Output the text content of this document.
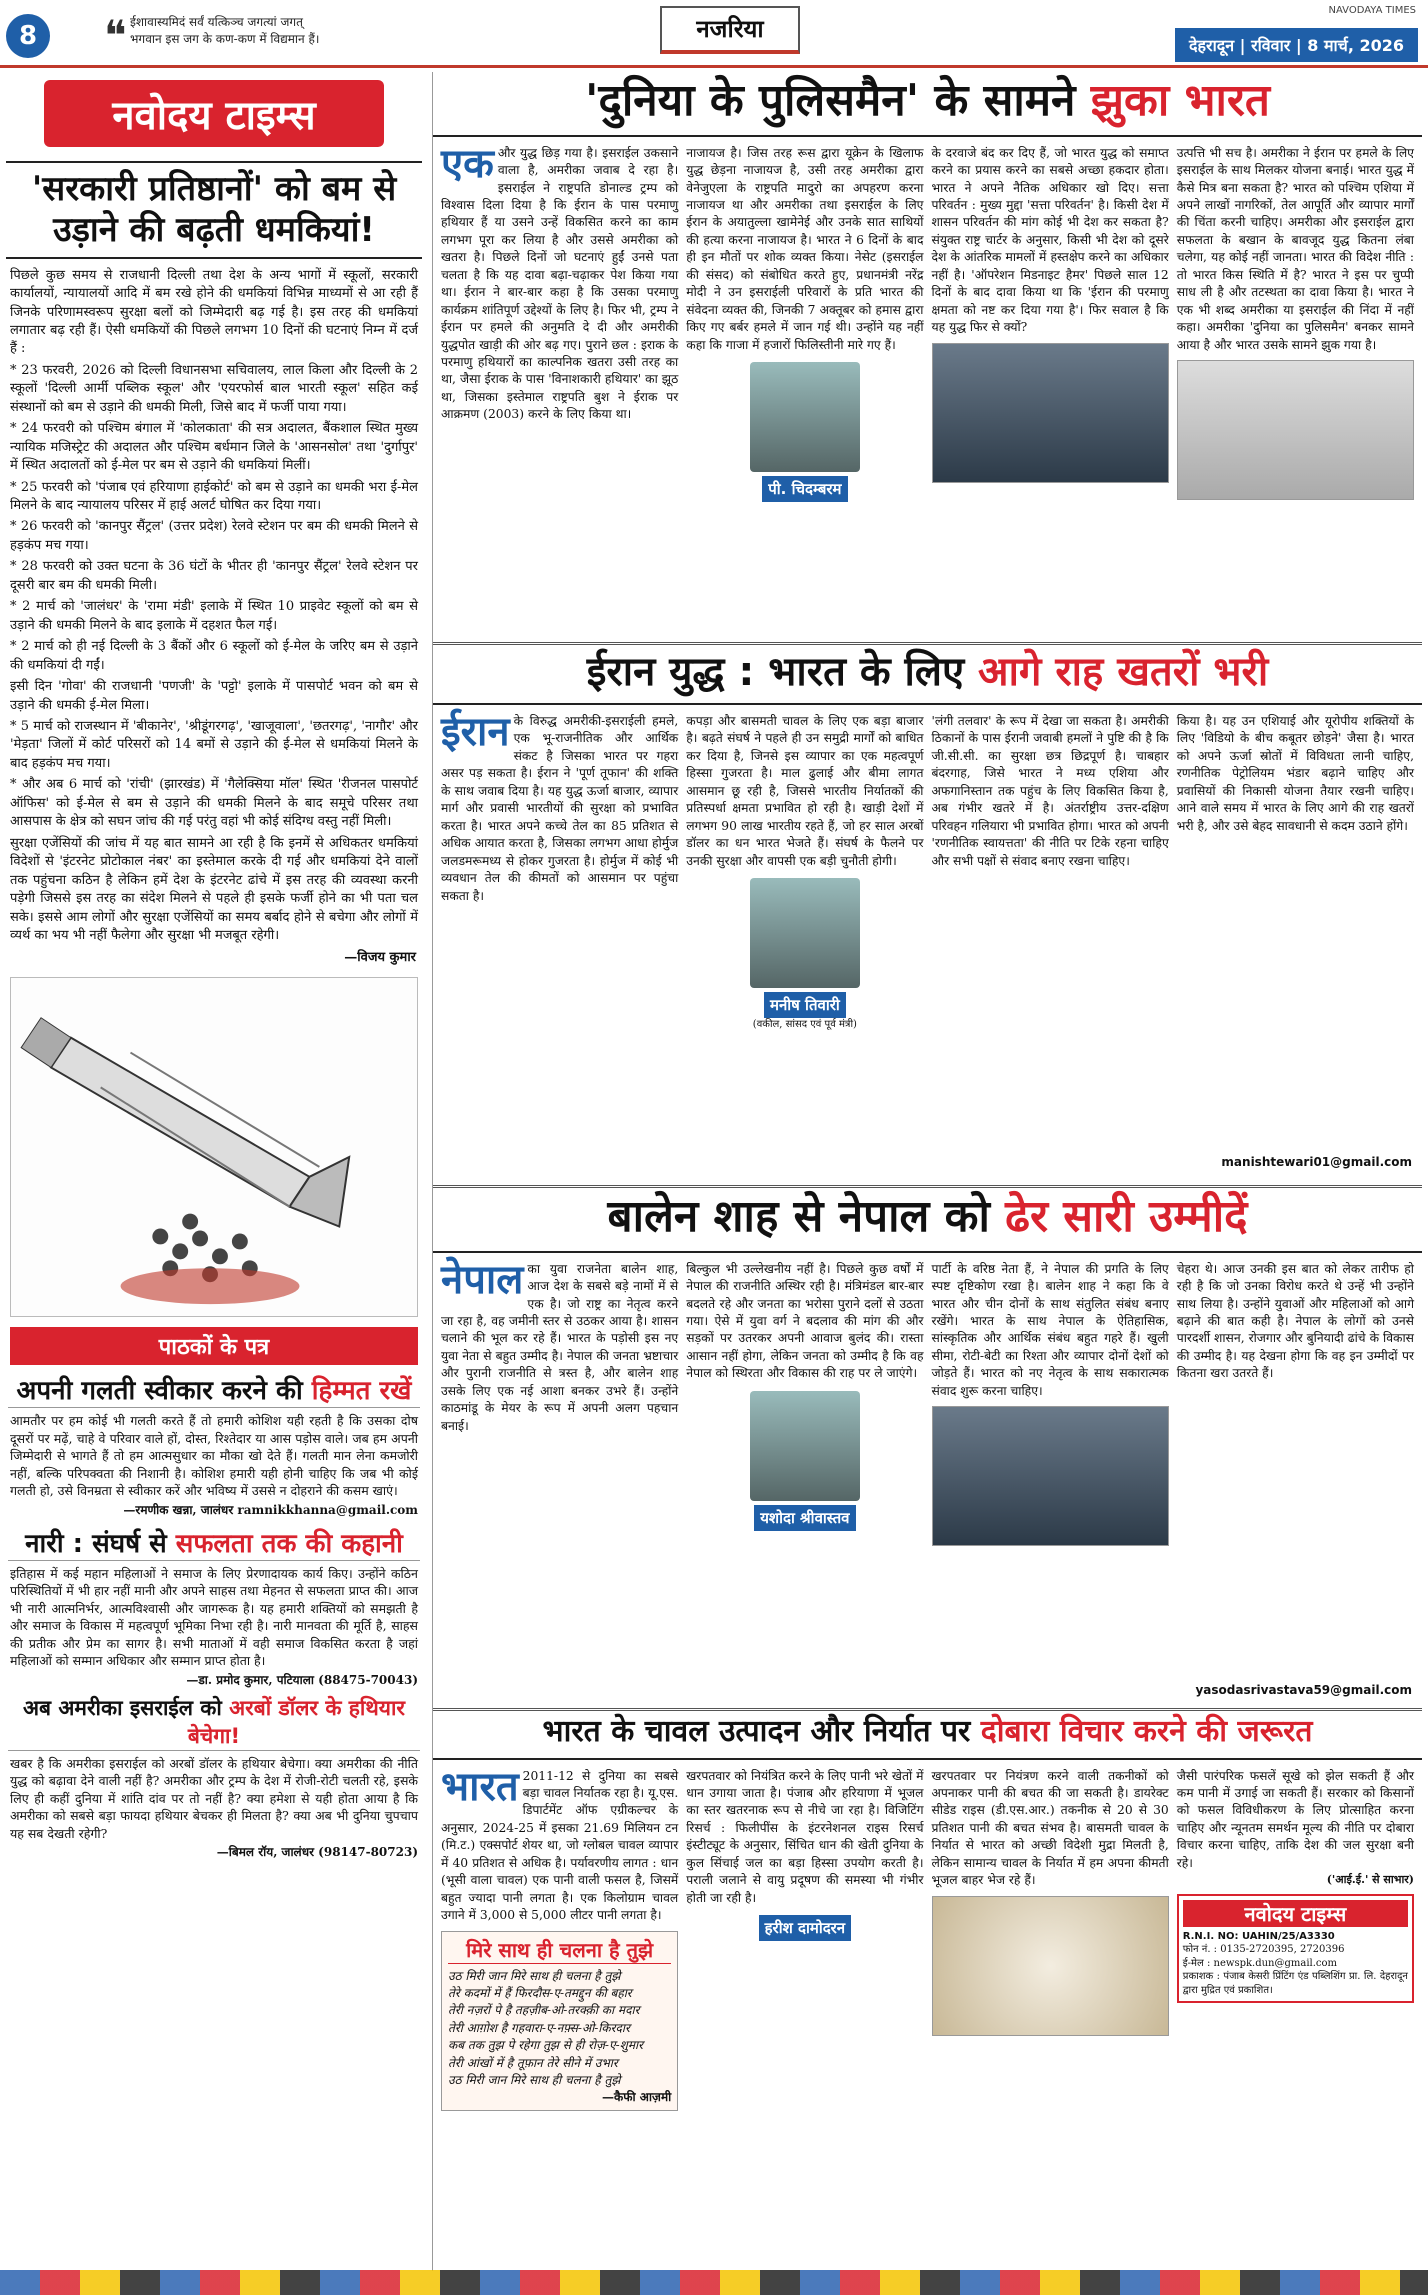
8	❝ ईशावास्यमिदं सर्वं यत्किञ्च जगत्यां जगत्
भगवान इस जग के कण-कण में विद्यमान हैं।	नजरिया
NAVODAYA TIMES
देहरादून | रविवार | 8 मार्च, 2026
नवोदय टाइम्स
'सरकारी प्रतिष्ठानों' को बम से उड़ाने की बढ़ती धमकियां!

पिछले कुछ समय से राजधानी दिल्ली तथा देश के अन्य भागों में स्कूलों, सरकारी कार्यालयों, न्यायालयों आदि में बम रखे होने की धमकियां विभिन्न माध्यमों से आ रही हैं जिनके परिणामस्वरूप सुरक्षा बलों को जिम्मेदारी बढ़ गई है। इस तरह की धमकियां लगातार बढ़ रही हैं। ऐसी धमकियों की पिछले लगभग 10 दिनों की घटनाएं निम्न में दर्ज हैं :

* 23 फरवरी, 2026 को दिल्ली विधानसभा सचिवालय, लाल किला और दिल्ली के 2 स्कूलों 'दिल्ली आर्मी पब्लिक स्कूल' और 'एयरफोर्स बाल भारती स्कूल' सहित कई संस्थानों को बम से उड़ाने की धमकी मिली, जिसे बाद में फर्जी पाया गया।

* 24 फरवरी को पश्चिम बंगाल में 'कोलकाता' की सत्र अदालत, बैंकशाल स्थित मुख्य न्यायिक मजिस्ट्रेट की अदालत और पश्चिम बर्धमान जिले के 'आसनसोल' तथा 'दुर्गापुर' में स्थित अदालतों को ई-मेल पर बम से उड़ाने की धमकियां मिलीं।

* 25 फरवरी को 'पंजाब एवं हरियाणा हाईकोर्ट' को बम से उड़ाने का धमकी भरा ई-मेल मिलने के बाद न्यायालय परिसर में हाई अलर्ट घोषित कर दिया गया।

* 26 फरवरी को 'कानपुर सैंट्रल' (उत्तर प्रदेश) रेलवे स्टेशन पर बम की धमकी मिलने से हड़कंप मच गया।

* 28 फरवरी को उक्त घटना के 36 घंटों के भीतर ही 'कानपुर सैंट्रल' रेलवे स्टेशन पर दूसरी बार बम की धमकी मिली।

* 2 मार्च को 'जालंधर' के 'रामा मंडी' इलाके में स्थित 10 प्राइवेट स्कूलों को बम से उड़ाने की धमकी मिलने के बाद इलाके में दहशत फैल गई।

* 2 मार्च को ही नई दिल्ली के 3 बैंकों और 6 स्कूलों को ई-मेल के जरिए बम से उड़ाने की धमकियां दी गईं।

इसी दिन 'गोवा' की राजधानी 'पणजी' के 'पट्टो' इलाके में पासपोर्ट भवन को बम से उड़ाने की धमकी ई-मेल मिला।

* 5 मार्च को राजस्थान में 'बीकानेर', 'श्रीडूंगरगढ़', 'खाजूवाला', 'छतरगढ़', 'नागौर' और 'मेड़ता' जिलों में कोर्ट परिसरों को 14 बमों से उड़ाने की ई-मेल से धमकियां मिलने के बाद हड़कंप मच गया।

* और अब 6 मार्च को 'रांची' (झारखंड) में 'गैलेक्सिया मॉल' स्थित 'रीजनल पासपोर्ट ऑफिस' को ई-मेल से बम से उड़ाने की धमकी मिलने के बाद समूचे परिसर तथा आसपास के क्षेत्र को सघन जांच की गई परंतु वहां भी कोई संदिग्ध वस्तु नहीं मिली।

सुरक्षा एजेंसियों की जांच में यह बात सामने आ रही है कि इनमें से अधिकतर धमकियां विदेशों से 'इंटरनेट प्रोटोकाल नंबर' का इस्तेमाल करके दी गई और धमकियां देने वालों तक पहुंचना कठिन है लेकिन हमें देश के इंटरनेट ढांचे में इस तरह की व्यवस्था करनी पड़ेगी जिससे इस तरह का संदेश मिलने से पहले ही इसके फर्जी होने का भी पता चल सके। इससे आम लोगों और सुरक्षा एजेंसियों का समय बर्बाद होने से बचेगा और लोगों में व्यर्थ का भय भी नहीं फैलेगा और सुरक्षा भी मजबूत रहेगी।

—विजय कुमार
पाठकों के पत्र
अपनी गलती स्वीकार करने की हिम्मत रखें
आमतौर पर हम कोई भी गलती करते हैं तो हमारी कोशिश यही रहती है कि उसका दोष दूसरों पर मढ़ें, चाहे वे परिवार वाले हों, दोस्त, रिश्तेदार या आस पड़ोस वाले। जब हम अपनी जिम्मेदारी से भागते हैं तो हम आत्मसुधार का मौका खो देते हैं। गलती मान लेना कमजोरी नहीं, बल्कि परिपक्वता की निशानी है। कोशिश हमारी यही होनी चाहिए कि जब भी कोई गलती हो, उसे विनम्रता से स्वीकार करें और भविष्य में उससे न दोहराने की कसम खाएं।
—रमणीक खन्ना, जालंधर ramnikkhanna@gmail.com
नारी : संघर्ष से सफलता तक की कहानी
इतिहास में कई महान महिलाओं ने समाज के लिए प्रेरणादायक कार्य किए। उन्होंने कठिन परिस्थितियों में भी हार नहीं मानी और अपने साहस तथा मेहनत से सफलता प्राप्त की। आज भी नारी आत्मनिर्भर, आत्मविश्वासी और जागरूक है। यह हमारी शक्तियों को समझती है और समाज के विकास में महत्वपूर्ण भूमिका निभा रही है। नारी मानवता की मूर्ति है, साहस की प्रतीक और प्रेम का सागर है। सभी माताओं में वही समाज विकसित करता है जहां महिलाओं को सम्मान अधिकार और सम्मान प्राप्त होता है।
—डा. प्रमोद कुमार, पटियाला (88475-70043)
अब अमरीका इसराईल को अरबों डॉलर के हथियार बेचेगा!
खबर है कि अमरीका इसराईल को अरबों डॉलर के हथियार बेचेगा। क्या अमरीका की नीति युद्ध को बढ़ावा देने वाली नहीं है? अमरीका और ट्रम्प के देश में रोजी-रोटी चलती रहे, इसके लिए ही कहीं दुनिया में शांति दांव पर तो नहीं है? क्या हमेशा से यही होता आया है कि अमरीका को सबसे बड़ा फायदा हथियार बेचकर ही मिलता है? क्या अब भी दुनिया चुपचाप यह सब देखती रहेगी?
—बिमल रॉय, जालंधर (98147-80723)
'दुनिया के पुलिसमैन' के सामने झुका भारत
एक और युद्ध छिड़ गया है। इसराईल उकसाने वाला है, अमरीका जवाब दे रहा है। इसराईल ने राष्ट्रपति डोनाल्ड ट्रम्प को विश्वास दिला दिया है कि ईरान के पास परमाणु हथियार हैं या उसने उन्हें विकसित करने का काम लगभग पूरा कर लिया है और उससे अमरीका को खतरा है। पिछले दिनों जो घटनाएं हुईं उनसे पता चलता है कि यह दावा बढ़ा-चढ़ाकर पेश किया गया था। ईरान ने बार-बार कहा है कि उसका परमाणु कार्यक्रम शांतिपूर्ण उद्देश्यों के लिए है। फिर भी, ट्रम्प ने ईरान पर हमले की अनुमति दे दी और अमरीकी युद्धपोत खाड़ी की ओर बढ़ गए। पुराने छल : इराक के परमाणु हथियारों का काल्पनिक खतरा उसी तरह का था, जैसा ईराक के पास 'विनाशकारी हथियार' का झूठ था, जिसका इस्तेमाल राष्ट्रपति बुश ने ईराक पर आक्रमण (2003) करने के लिए किया था।
नाजायज है। जिस तरह रूस द्वारा यूक्रेन के खिलाफ युद्ध छेड़ना नाजायज है, उसी तरह अमरीका द्वारा वेनेजुएला के राष्ट्रपति मादुरो का अपहरण करना नाजायज था और अमरीका तथा इसराईल के लिए ईरान के अयातुल्ला खामेनेई और उनके सात साथियों की हत्या करना नाजायज है। भारत ने 6 दिनों के बाद ही इन मौतों पर शोक व्यक्त किया। नेसेट (इसराईल की संसद) को संबोधित करते हुए, प्रधानमंत्री नरेंद्र मोदी ने उन इसराईली परिवारों के प्रति भारत की संवेदना व्यक्त की, जिनकी 7 अक्तूबर को हमास द्वारा किए गए बर्बर हमले में जान गई थी। उन्होंने यह नहीं कहा कि गाजा में हजारों फिलिस्तीनी मारे गए हैं।
पी. चिदम्बरम
के दरवाजे बंद कर दिए हैं, जो भारत युद्ध को समाप्त करने का प्रयास करने का सबसे अच्छा हकदार होता। भारत ने अपने नैतिक अधिकार खो दिए। सत्ता परिवर्तन : मुख्य मुद्दा 'सत्ता परिवर्तन' है। किसी देश में शासन परिवर्तन की मांग कोई भी देश कर सकता है? संयुक्त राष्ट्र चार्टर के अनुसार, किसी भी देश को दूसरे देश के आंतरिक मामलों में हस्तक्षेप करने का अधिकार नहीं है। 'ऑपरेशन मिडनाइट हैमर' पिछले साल 12 दिनों के बाद दावा किया था कि 'ईरान की परमाणु क्षमता को नष्ट कर दिया गया है'। फिर सवाल है कि यह युद्ध फिर से क्यों?
उत्पत्ति भी सच है। अमरीका ने ईरान पर हमले के लिए इसराईल के साथ मिलकर योजना बनाई। भारत युद्ध में कैसे मित्र बना सकता है? भारत को पश्चिम एशिया में अपने लाखों नागरिकों, तेल आपूर्ति और व्यापार मार्गों की चिंता करनी चाहिए। अमरीका और इसराईल द्वारा सफलता के बखान के बावजूद युद्ध कितना लंबा चलेगा, यह कोई नहीं जानता। भारत की विदेश नीति : तो भारत किस स्थिति में है? भारत ने इस पर चुप्पी साध ली है और तटस्थता का दावा किया है। भारत ने एक भी शब्द अमरीका या इसराईल की निंदा में नहीं कहा। अमरीका 'दुनिया का पुलिसमैन' बनकर सामने आया है और भारत उसके सामने झुक गया है।
ईरान युद्ध : भारत के लिए आगे राह खतरों भरी
ईरान के विरुद्ध अमरीकी-इसराईली हमले, एक भू-राजनीतिक और आर्थिक संकट है जिसका भारत पर गहरा असर पड़ सकता है। ईरान ने 'पूर्ण तूफान' की शक्ति के साथ जवाब दिया है। यह युद्ध ऊर्जा बाजार, व्यापार मार्ग और प्रवासी भारतीयों की सुरक्षा को प्रभावित करता है। भारत अपने कच्चे तेल का 85 प्रतिशत से अधिक आयात करता है, जिसका लगभग आधा होर्मुज जलडमरूमध्य से होकर गुजरता है। होर्मुज में कोई भी व्यवधान तेल की कीमतों को आसमान पर पहुंचा सकता है।
कपड़ा और बासमती चावल के लिए एक बड़ा बाजार है। बढ़ते संघर्ष ने पहले ही उन समुद्री मार्गों को बाधित कर दिया है, जिनसे इस व्यापार का एक महत्वपूर्ण हिस्सा गुजरता है। माल ढुलाई और बीमा लागत आसमान छू रही है, जिससे भारतीय निर्यातकों की प्रतिस्पर्धा क्षमता प्रभावित हो रही है। खाड़ी देशों में लगभग 90 लाख भारतीय रहते हैं, जो हर साल अरबों डॉलर का धन भारत भेजते हैं। संघर्ष के फैलने पर उनकी सुरक्षा और वापसी एक बड़ी चुनौती होगी।
मनीष तिवारी
(वकील, सांसद एवं पूर्व मंत्री)
'लंगी तलवार' के रूप में देखा जा सकता है। अमरीकी ठिकानों के पास ईरानी जवाबी हमलों ने पुष्टि की है कि जी.सी.सी. का सुरक्षा छत्र छिद्रपूर्ण है। चाबहार बंदरगाह, जिसे भारत ने मध्य एशिया और अफगानिस्तान तक पहुंच के लिए विकसित किया है, अब गंभीर खतरे में है। अंतर्राष्ट्रीय उत्तर-दक्षिण परिवहन गलियारा भी प्रभावित होगा। भारत को अपनी 'रणनीतिक स्वायत्तता' की नीति पर टिके रहना चाहिए और सभी पक्षों से संवाद बनाए रखना चाहिए।
किया है। यह उन एशियाई और यूरोपीय शक्तियों के लिए 'विडियो के बीच कबूतर छोड़ने' जैसा है। भारत को अपने ऊर्जा स्रोतों में विविधता लानी चाहिए, रणनीतिक पेट्रोलियम भंडार बढ़ाने चाहिए और प्रवासियों की निकासी योजना तैयार रखनी चाहिए। आने वाले समय में भारत के लिए आगे की राह खतरों भरी है, और उसे बेहद सावधानी से कदम उठाने होंगे।
manishtewari01@gmail.com
बालेन शाह से नेपाल को ढेर सारी उम्मीदें
नेपाल का युवा राजनेता बालेन शाह, आज देश के सबसे बड़े नामों में से एक है। जो राष्ट्र का नेतृत्व करने जा रहा है, वह जमीनी स्तर से उठकर आया है। शासन चलाने की भूल कर रहे हैं। भारत के पड़ोसी इस नए युवा नेता से बहुत उम्मीद है। नेपाल की जनता भ्रष्टाचार और पुरानी राजनीति से त्रस्त है, और बालेन शाह उसके लिए एक नई आशा बनकर उभरे हैं। उन्होंने काठमांडू के मेयर के रूप में अपनी अलग पहचान बनाई।
बिल्कुल भी उल्लेखनीय नहीं है। पिछले कुछ वर्षों में नेपाल की राजनीति अस्थिर रही है। मंत्रिमंडल बार-बार बदलते रहे और जनता का भरोसा पुराने दलों से उठता गया। ऐसे में युवा वर्ग ने बदलाव की मांग की और सड़कों पर उतरकर अपनी आवाज बुलंद की। रास्ता आसान नहीं होगा, लेकिन जनता को उम्मीद है कि वह नेपाल को स्थिरता और विकास की राह पर ले जाएंगे।
यशोदा श्रीवास्तव
पार्टी के वरिष्ठ नेता हैं, ने नेपाल की प्रगति के लिए स्पष्ट दृष्टिकोण रखा है। बालेन शाह ने कहा कि वे भारत और चीन दोनों के साथ संतुलित संबंध बनाए रखेंगे। भारत के साथ नेपाल के ऐतिहासिक, सांस्कृतिक और आर्थिक संबंध बहुत गहरे हैं। खुली सीमा, रोटी-बेटी का रिश्ता और व्यापार दोनों देशों को जोड़ते हैं। भारत को नए नेतृत्व के साथ सकारात्मक संवाद शुरू करना चाहिए।
चेहरा थे। आज उनकी इस बात को लेकर तारीफ हो रही है कि जो उनका विरोध करते थे उन्हें भी उन्होंने साथ लिया है। उन्होंने युवाओं और महिलाओं को आगे बढ़ाने की बात कही है। नेपाल के लोगों को उनसे पारदर्शी शासन, रोजगार और बुनियादी ढांचे के विकास की उम्मीद है। यह देखना होगा कि वह इन उम्मीदों पर कितना खरा उतरते हैं।
yasodasrivastava59@gmail.com
भारत के चावल उत्पादन और निर्यात पर दोबारा विचार करने की जरूरत
भारत 2011-12 से दुनिया का सबसे बड़ा चावल निर्यातक रहा है। यू.एस. डिपार्टमेंट ऑफ एग्रीकल्चर के अनुसार, 2024-25 में इसका 21.69 मिलियन टन (मि.ट.) एक्सपोर्ट शेयर था, जो ग्लोबल चावल व्यापार में 40 प्रतिशत से अधिक है। पर्यावरणीय लागत : धान (भूसी वाला चावल) एक पानी वाली फसल है, जिसमें बहुत ज्यादा पानी लगता है। एक किलोग्राम चावल उगाने में 3,000 से 5,000 लीटर पानी लगता है।
मिरे साथ ही चलना है तुझे
उठ मिरी जान मिरे साथ ही चलना है तुझे
तेरे कदमों में हैं फिरदौस-ए-तमद्दुन की बहार
तेरी नज़रों पे है तहज़ीब-ओ-तरक्क़ी का मदार
तेरी आग़ोश है गहवारा-ए-नफ़्स-ओ-किरदार
कब तक तुझ पे रहेगा तुझ से ही रोज़-ए-शुमार
तेरी आंखों में है तूफ़ान तेरे सीने में उभार
उठ मिरी जान मिरे साथ ही चलना है तुझे
—कैफी आज़मी
खरपतवार को नियंत्रित करने के लिए पानी भरे खेतों में धान उगाया जाता है। पंजाब और हरियाणा में भूजल का स्तर खतरनाक रूप से नीचे जा रहा है। विजिटिंग रिसर्च : फिलीपींस के इंटरनेशनल राइस रिसर्च इंस्टीट्यूट के अनुसार, सिंचित धान की खेती दुनिया के कुल सिंचाई जल का बड़ा हिस्सा उपयोग करती है। पराली जलाने से वायु प्रदूषण की समस्या भी गंभीर होती जा रही है।
हरीश दामोदरन
खरपतवार पर नियंत्रण करने वाली तकनीकों को अपनाकर पानी की बचत की जा सकती है। डायरेक्ट सीडेड राइस (डी.एस.आर.) तकनीक से 20 से 30 प्रतिशत पानी की बचत संभव है। बासमती चावल के निर्यात से भारत को अच्छी विदेशी मुद्रा मिलती है, लेकिन सामान्य चावल के निर्यात में हम अपना कीमती भूजल बाहर भेज रहे हैं।
जैसी पारंपरिक फसलें सूखे को झेल सकती हैं और कम पानी में उगाई जा सकती हैं। सरकार को किसानों को फसल विविधीकरण के लिए प्रोत्साहित करना चाहिए और न्यूनतम समर्थन मूल्य की नीति पर दोबारा विचार करना चाहिए, ताकि देश की जल सुरक्षा बनी रहे।
('आई.ई.' से साभार)
नवोदय टाइम्स
R.N.I. NO: UAHIN/25/A3330
फोन नं. : 0135-2720395, 2720396
ई-मेल : newspk.dun@gmail.com
प्रकाशक : पंजाब केसरी प्रिंटिंग एंड पब्लिशिंग प्रा. लि. देहरादून द्वारा मुद्रित एवं प्रकाशित।
